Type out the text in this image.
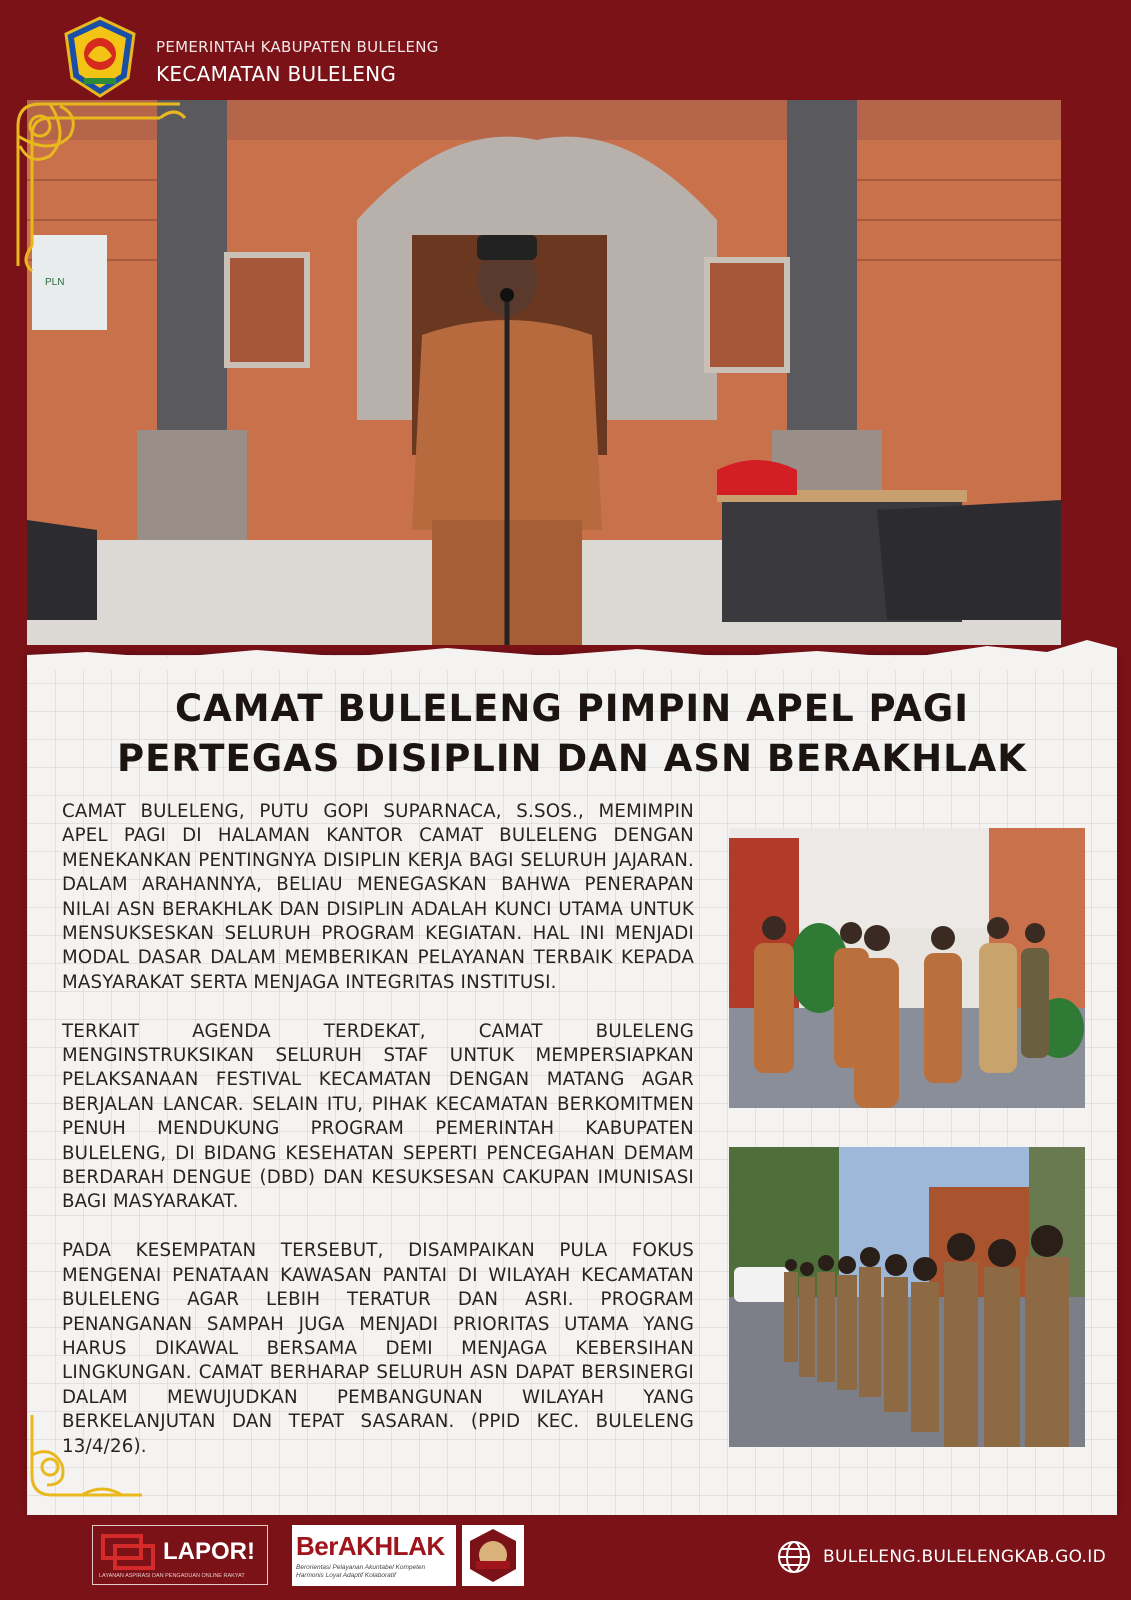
PEMERINTAH KABUPATEN BULELENG
KECAMATAN BULELENG
PLN
CAMAT BULELENG PIMPIN APEL PAGI
PERTEGAS DISIPLIN DAN ASN BERAKHLAK

CAMAT BULELENG, PUTU GOPI SUPARNACA, S.SOS., MEMIMPIN APEL PAGI DI HALAMAN KANTOR CAMAT BULELENG DENGAN MENEKANKAN PENTINGNYA DISIPLIN KERJA BAGI SELURUH JAJARAN. DALAM ARAHANNYA, BELIAU MENEGASKAN BAHWA PENERAPAN NILAI ASN BERAKHLAK DAN DISIPLIN ADALAH KUNCI UTAMA UNTUK MENSUKSESKAN SELURUH PROGRAM KEGIATAN. HAL INI MENJADI MODAL DASAR DALAM MEMBERIKAN PELAYANAN TERBAIK KEPADA MASYARAKAT SERTA MENJAGA INTEGRITAS INSTITUSI.

TERKAIT AGENDA TERDEKAT, CAMAT BULELENG MENGINSTRUKSIKAN SELURUH STAF UNTUK MEMPERSIAPKAN PELAKSANAAN FESTIVAL KECAMATAN DENGAN MATANG AGAR BERJALAN LANCAR. SELAIN ITU, PIHAK KECAMATAN BERKOMITMEN PENUH MENDUKUNG PROGRAM PEMERINTAH KABUPATEN BULELENG, DI BIDANG KESEHATAN SEPERTI PENCEGAHAN DEMAM BERDARAH DENGUE (DBD) DAN KESUKSESAN CAKUPAN IMUNISASI BAGI MASYARAKAT.

PADA KESEMPATAN TERSEBUT, DISAMPAIKAN PULA FOKUS MENGENAI PENATAAN KAWASAN PANTAI DI WILAYAH KECAMATAN BULELENG AGAR LEBIH TERATUR DAN ASRI. PROGRAM PENANGANAN SAMPAH JUGA MENJADI PRIORITAS UTAMA YANG HARUS DIKAWAL BERSAMA DEMI MENJAGA KEBERSIHAN LINGKUNGAN. CAMAT BERHARAP SELURUH ASN DAPAT BERSINERGI DALAM MEWUJUDKAN PEMBANGUNAN WILAYAH YANG BERKELANJUTAN DAN TEPAT SASARAN. (PPID KEC. BULELENG 13/4/26).

LAPOR!
LAYANAN ASPIRASI DAN PENGADUAN ONLINE RAKYAT
BerAKHLAK
Berorientasi Pelayanan Akuntabel Kompeten Harmonis Loyal Adaptif Kolaboratif
BULELENG.BULELENGKAB.GO.ID
